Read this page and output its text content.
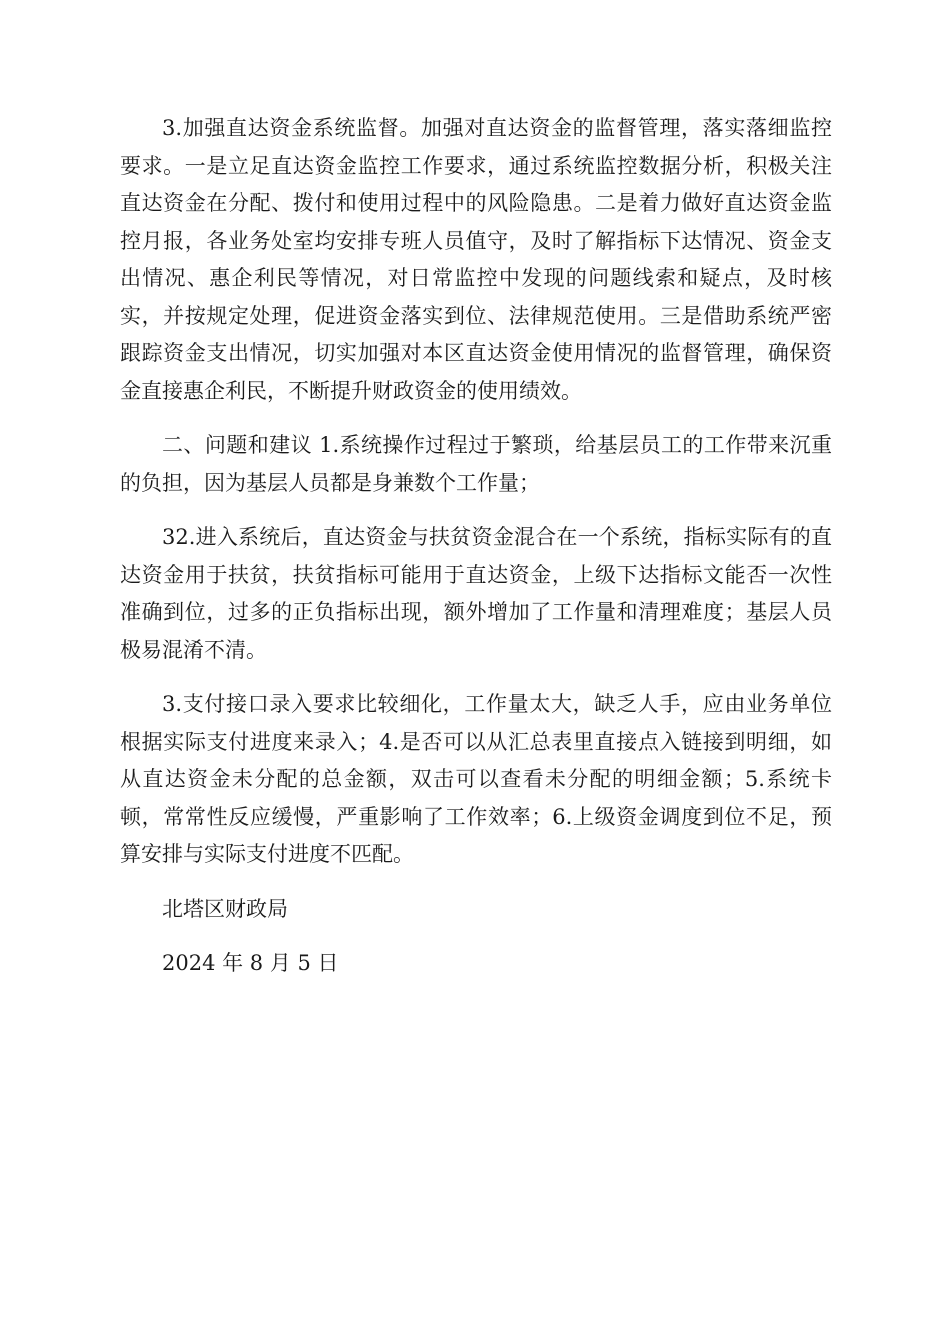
3.加强直达资金系统监督。加强对直达资金的监督管理，落实落细监控要求。一是立足直达资金监控工作要求，通过系统监控数据分析，积极关注直达资金在分配、拨付和使用过程中的风险隐患。二是着力做好直达资金监控月报，各业务处室均安排专班人员值守，及时了解指标下达情况、资金支出情况、惠企利民等情况，对日常监控中发现的问题线索和疑点，及时核实，并按规定处理，促进资金落实到位、法律规范使用。三是借助系统严密跟踪资金支出情况，切实加强对本区直达资金使用情况的监督管理，确保资金直接惠企利民，不断提升财政资金的使用绩效。

二、问题和建议 1.系统操作过程过于繁琐，给基层员工的工作带来沉重的负担，因为基层人员都是身兼数个工作量；

32.进入系统后，直达资金与扶贫资金混合在一个系统，指标实际有的直达资金用于扶贫，扶贫指标可能用于直达资金，上级下达指标文能否一次性准确到位，过多的正负指标出现，额外增加了工作量和清理难度；基层人员极易混淆不清。

3.支付接口录入要求比较细化，工作量太大，缺乏人手，应由业务单位根据实际支付进度来录入；4.是否可以从汇总表里直接点入链接到明细，如从直达资金未分配的总金额，双击可以查看未分配的明细金额；5.系统卡顿，常常性反应缓慢，严重影响了工作效率；6.上级资金调度到位不足，预算安排与实际支付进度不匹配。

北塔区财政局

2024 年 8 月 5 日
